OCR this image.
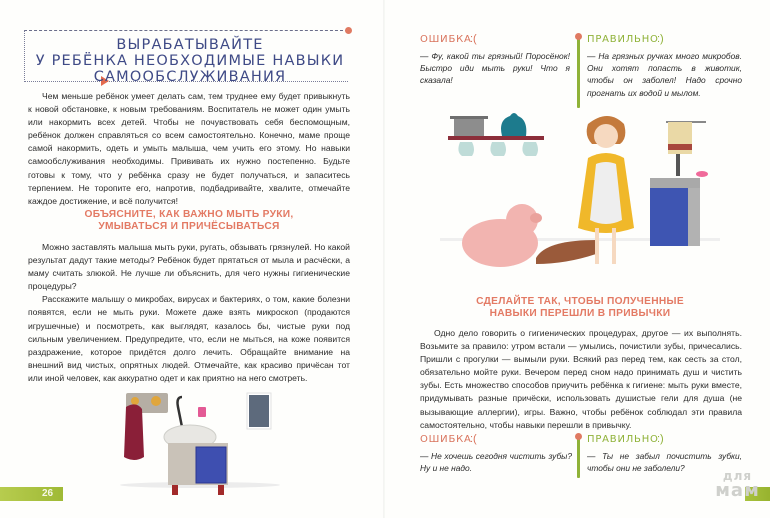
ВЫРАБАТЫВАЙТЕ
У РЕБЁНКА НЕОБХОДИМЫЕ НАВЫКИ
САМООБСЛУЖИВАНИЯ

Чем меньше ребёнок умеет делать сам, тем труднее ему будет привыкнуть к новой обстановке, к новым требованиям. Воспитатель не может один умыть или накормить всех детей. Чтобы не почувствовать себя беспомощным, ребёнок должен справляться со всем самостоятельно. Конечно, маме проще самой накормить, одеть и умыть малыша, чем учить его этому. Но навыки самообслуживания необходимы. Прививать их нужно постепенно. Будьте готовы к тому, что у ребёнка сразу не будет получаться, и запаситесь терпением. Не торопите его, напротив, подбадривайте, хвалите, отмечайте каждое достижение, и всё получится!

ОБЪЯСНИТЕ, КАК ВАЖНО МЫТЬ РУКИ,
УМЫВАТЬСЯ И ПРИЧЁСЫВАТЬСЯ

Можно заставлять малыша мыть руки, ругать, обзывать грязнулей. Но какой результат дадут такие методы? Ребёнок будет прятаться от мыла и расчёски, а маму считать злюкой. Не лучше ли объяснить, для чего нужны гигиенические процедуры?

Расскажите малышу о микробах, вирусах и бактериях, о том, какие болезни появятся, если не мыть руки. Можете даже взять микроскоп (продаются игрушечные) и посмотреть, как выглядят, казалось бы, чистые руки под сильным увеличением. Предупредите, что, если не мыться, на коже появится раздражение, которое придётся долго лечить. Обращайте внимание на внешний вид чистых, опрятных людей. Отмечайте, как красиво причёсан тот или иной человек, как аккуратно одет и как приятно на него смотреть.

26
ОШИБКА
:(
— Фу, какой ты грязный! Поросёнок! Быстро иди мыть руки! Что я сказала!
ПРАВИЛЬНО
:)
— На грязных ручках много микробов. Они хотят попасть в животик, чтобы он заболел! Надо срочно прогнать их водой и мылом.
СДЕЛАЙТЕ ТАК, ЧТОБЫ ПОЛУЧЕННЫЕ
НАВЫКИ ПЕРЕШЛИ В ПРИВЫЧКИ

Одно дело говорить о гигиенических процедурах, другое — их выполнять. Возьмите за правило: утром встали — умылись, почистили зубы, причесались. Пришли с прогулки — вымыли руки. Всякий раз перед тем, как сесть за стол, обязательно мойте руки. Вечером перед сном надо принимать душ и чистить зубы. Есть множество способов приучить ребёнка к гигиене: мыть руки вместе, придумывать разные причёски, использовать душистые гели для душа (не вызывающие аллергии), игры. Важно, чтобы ребёнок соблюдал эти правила самостоятельно, чтобы навыки перешли в привычку.

ОШИБКА
:(
— Не хочешь сегодня чистить зубы? Ну и не надо.
ПРАВИЛЬНО
:)
— Ты не забыл почистить зубки, чтобы они не заболели?
для
мам
